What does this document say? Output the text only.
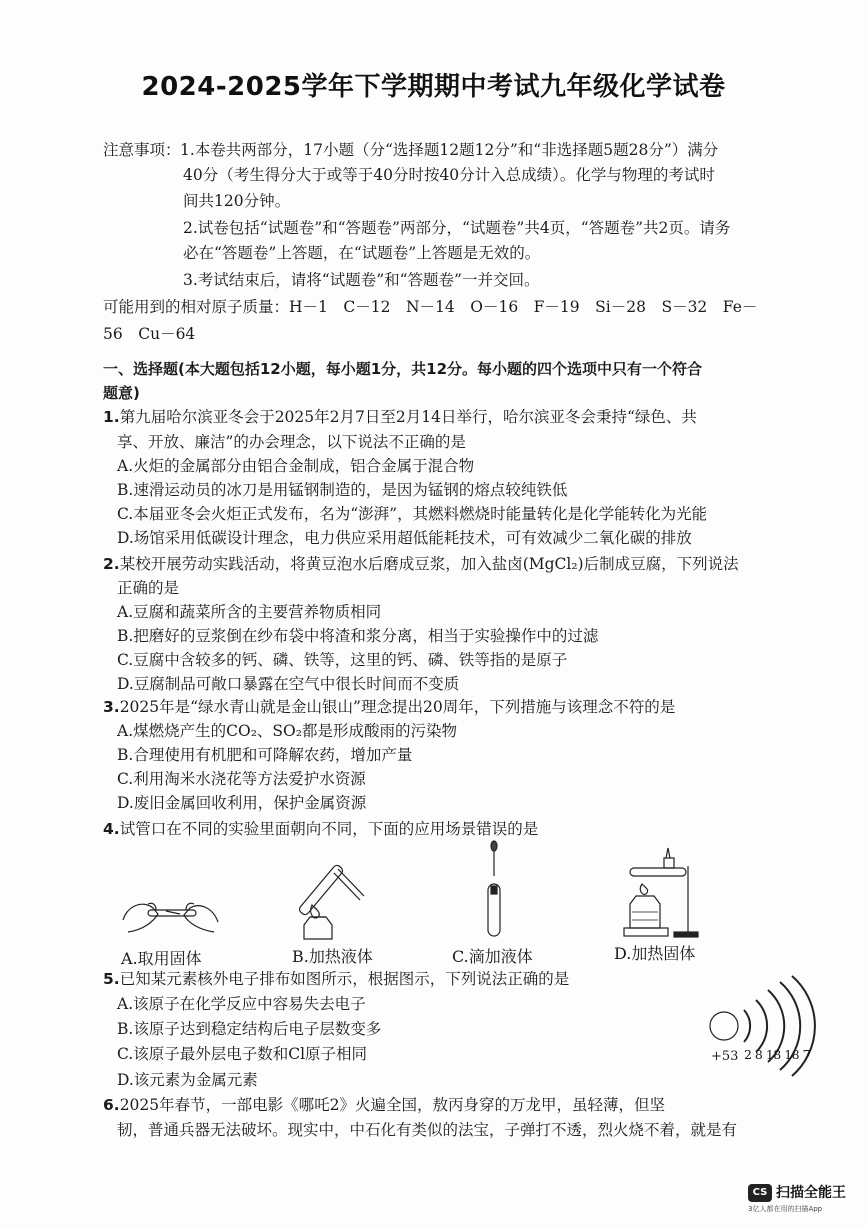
2024-2025学年下学期期中考试九年级化学试卷
注意事项： 1.本卷共两部分，17小题（分“选择题12题12分”和“非选择题5题28分”）满分
40分（考生得分大于或等于40分时按40分计入总成绩）。化学与物理的考试时
间共120分钟。
2.试卷包括“试题卷”和“答题卷”两部分，“试题卷”共4页，“答题卷”共2页。请务
必在“答题卷”上答题，在“试题卷”上答题是无效的。
3.考试结束后，请将“试题卷”和“答题卷”一并交回。
可能用到的相对原子质量：H－1　C－12　N－14　O－16　F－19　Si－28　S－32　Fe－
56　Cu－64
一、选择题(本大题包括12小题，每小题1分，共12分。每小题的四个选项中只有一个符合
题意)
1.第九届哈尔滨亚冬会于2025年2月7日至2月14日举行，哈尔滨亚冬会秉持“绿色、共
享、开放、廉洁”的办会理念，以下说法不正确的是
A.火炬的金属部分由铝合金制成，铝合金属于混合物
B.速滑运动员的冰刀是用锰钢制造的，是因为锰钢的熔点较纯铁低
C.本届亚冬会火炬正式发布，名为“澎湃”，其燃料燃烧时能量转化是化学能转化为光能
D.场馆采用低碳设计理念，电力供应采用超低能耗技术，可有效减少二氧化碳的排放
2.某校开展劳动实践活动，将黄豆泡水后磨成豆浆，加入盐卤(MgCl₂)后制成豆腐，下列说法
正确的是
A.豆腐和蔬菜所含的主要营养物质相同
B.把磨好的豆浆倒在纱布袋中将渣和浆分离，相当于实验操作中的过滤
C.豆腐中含较多的钙、磷、铁等，这里的钙、磷、铁等指的是原子
D.豆腐制品可敞口暴露在空气中很长时间而不变质
3.2025年是“绿水青山就是金山银山”理念提出20周年，下列措施与该理念不符的是
A.煤燃烧产生的CO₂、SO₂都是形成酸雨的污染物
B.合理使用有机肥和可降解农药，增加产量
C.利用淘米水浇花等方法爱护水资源
D.废旧金属回收利用，保护金属资源
4.试管口在不同的实验里面朝向不同，下面的应用场景错误的是
A.取用固体	B.加热液体	C.滴加液体	D.加热固体
5.已知某元素核外电子排布如图所示，根据图示，下列说法正确的是
A.该原子在化学反应中容易失去电子
B.该原子达到稳定结构后电子层数变多
C.该原子最外层电子数和Cl原子相同
D.该元素为金属元素
+53 2 8 18 18 7
6.2025年春节，一部电影《哪吒2》火遍全国，敖丙身穿的万龙甲，虽轻薄，但坚
韧，普通兵器无法破坏。现实中，中石化有类似的法宝，子弹打不透，烈火烧不着，就是有
CS 扫描全能王
3亿人都在用的扫描App
